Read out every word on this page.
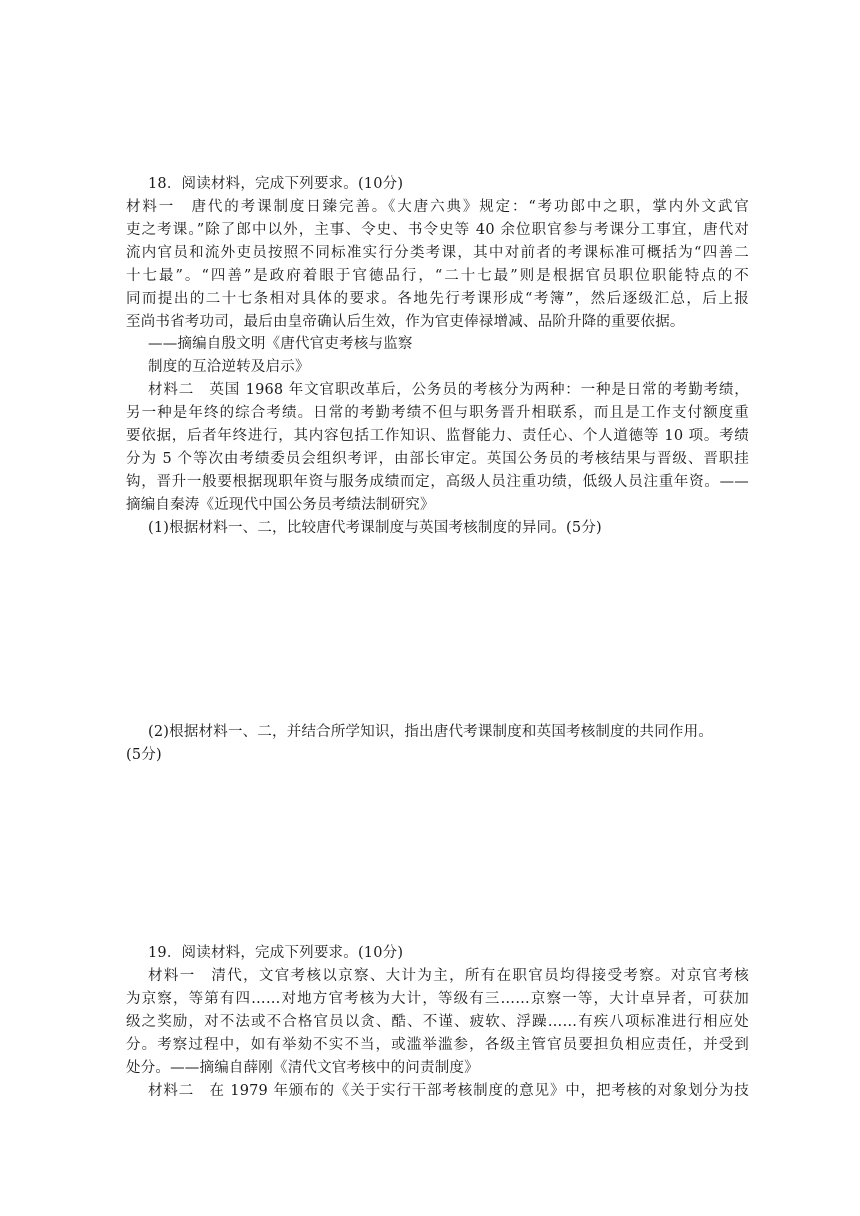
18．阅读材料，完成下列要求。(10分)
材料一　唐代的考课制度日臻完善。《大唐六典》规定：“考功郎中之职，掌内外文武官
吏之考课。”除了郎中以外，主事、令史、书令史等 40 余位职官参与考课分工事宜，唐代对
流内官员和流外吏员按照不同标准实行分类考课，其中对前者的考课标准可概括为“四善二
十七最”。“四善”是政府着眼于官德品行，“二十七最”则是根据官员职位职能特点的不
同而提出的二十七条相对具体的要求。各地先行考课形成“考簿”，然后逐级汇总，后上报
至尚书省考功司，最后由皇帝确认后生效，作为官吏俸禄增减、品阶升降的重要依据。
——摘编自殷文明《唐代官吏考核与监察
制度的互洽逆转及启示》
材料二　英国 1968 年文官职改革后，公务员的考核分为两种：一种是日常的考勤考绩，
另一种是年终的综合考绩。日常的考勤考绩不但与职务晋升相联系，而且是工作支付额度重
要依据，后者年终进行，其内容包括工作知识、监督能力、责任心、个人道德等 10 项。考绩
分为 5 个等次由考绩委员会组织考评，由部长审定。英国公务员的考核结果与晋级、晋职挂
钩，晋升一般要根据现职年资与服务成绩而定，高级人员注重功绩，低级人员注重年资。——
摘编自秦涛《近现代中国公务员考绩法制研究》
(1)根据材料一、二，比较唐代考课制度与英国考核制度的异同。(5分)
(2)根据材料一、二，并结合所学知识，指出唐代考课制度和英国考核制度的共同作用。
(5分)
19．阅读材料，完成下列要求。(10分)
材料一　清代，文官考核以京察、大计为主，所有在职官员均得接受考察。对京官考核
为京察，等第有四……对地方官考核为大计，等级有三……京察一等，大计卓异者，可获加
级之奖励，对不法或不合格官员以贪、酷、不谨、疲软、浮躁……有疾八项标准进行相应处
分。考察过程中，如有举劾不实不当，或滥举滥参，各级主管官员要担负相应责任，并受到
处分。——摘编自薛刚《清代文官考核中的问责制度》
材料二　在 1979 年颁布的《关于实行干部考核制度的意见》中，把考核的对象划分为技
